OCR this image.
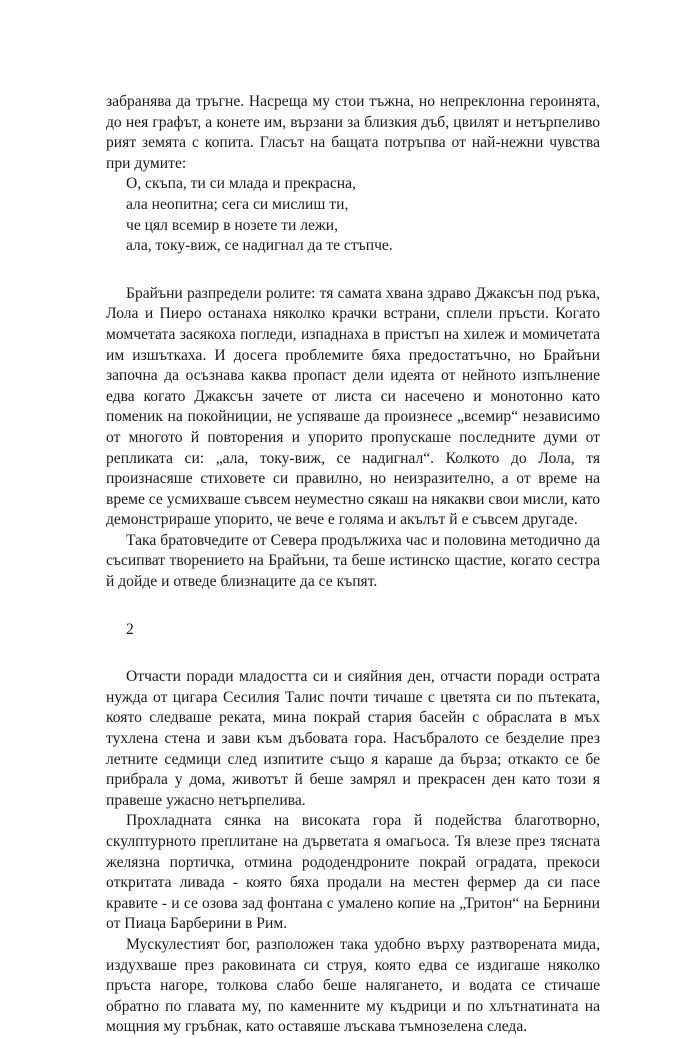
забранява да тръгне. Насреща му стои тъжна, но непреклонна героинята, до нея графът, а конете им, вързани за близкия дъб, цвилят и нетърпеливо рият земята с копита. Гласът на бащата потръпва от най-нежни чувства при думите:

О, скъпа, ти си млада и прекрасна,
ала неопитна; сега си мислиш ти,
че цял всемир в нозете ти лежи,
ала, току-виж, се надигнал да те стъпче.

Брайъни разпредели ролите: тя самата хвана здраво Джаксън под ръка, Лола и Пиеро останаха няколко крачки встрани, сплели пръсти. Когато момчетата засякоха погледи, изпаднаха в пристъп на хилеж и момичетата им изшъткаха. И досега проблемите бяха предостатъчно, но Брайъни започна да осъзнава каква пропаст дели идеята от нейното изпълнение едва когато Джаксън зачете от листа си насечено и монотонно като поменик на покойниции, не успяваше да произнесе „всемир“ независимо от многото й повторения и упорито пропускаше последните думи от репликата си: „ала, току-виж, се надигнал“. Колкото до Лола, тя произнасяше стиховете си правилно, но неизразително, а от време на време се усмихваше съвсем неуместно сякаш на някакви свои мисли, като демонстрираше упорито, че вече е голяма и акълът й е съвсем другаде.

Така братовчедите от Севера продължиха час и половина методично да съсипват творението на Брайъни, та беше истинско щастие, когато сестра й дойде и отведе близнаците да се къпят.

2

Отчасти поради младостта си и сияйния ден, отчасти поради острата нужда от цигара Сесилия Талис почти тичаше с цветята си по пътеката, която следваше реката, мина покрай стария басейн с обраслата в мъх тухлена стена и зави към дъбовата гора. Насъбралото се безделие през летните седмици след изпитите също я караше да бърза; откакто се бе прибрала у дома, животът й беше замрял и прекрасен ден като този я правеше ужасно нетърпелива.

Прохладната сянка на високата гора й подейства благотворно, скулптурното преплитане на дърветата я омагьоса. Тя влезе през тясната желязна портичка, отмина рододендроните покрай оградата, прекоси откритата ливада - която бяха продали на местен фермер да си пасе кравите - и се озова зад фонтана с умалено копие на „Тритон“ на Бернини от Пиаца Барберини в Рим.

Мускулестият бог, разположен така удобно върху разтворената мида, издухваше през раковината си струя, която едва се издигаше няколко пръста нагоре, толкова слабо беше налягането, и водата се стичаше обратно по главата му, по каменните му къдрици и по хлътнатината на мощния му гръбнак, като оставяше лъскава тъмнозелена следа.
